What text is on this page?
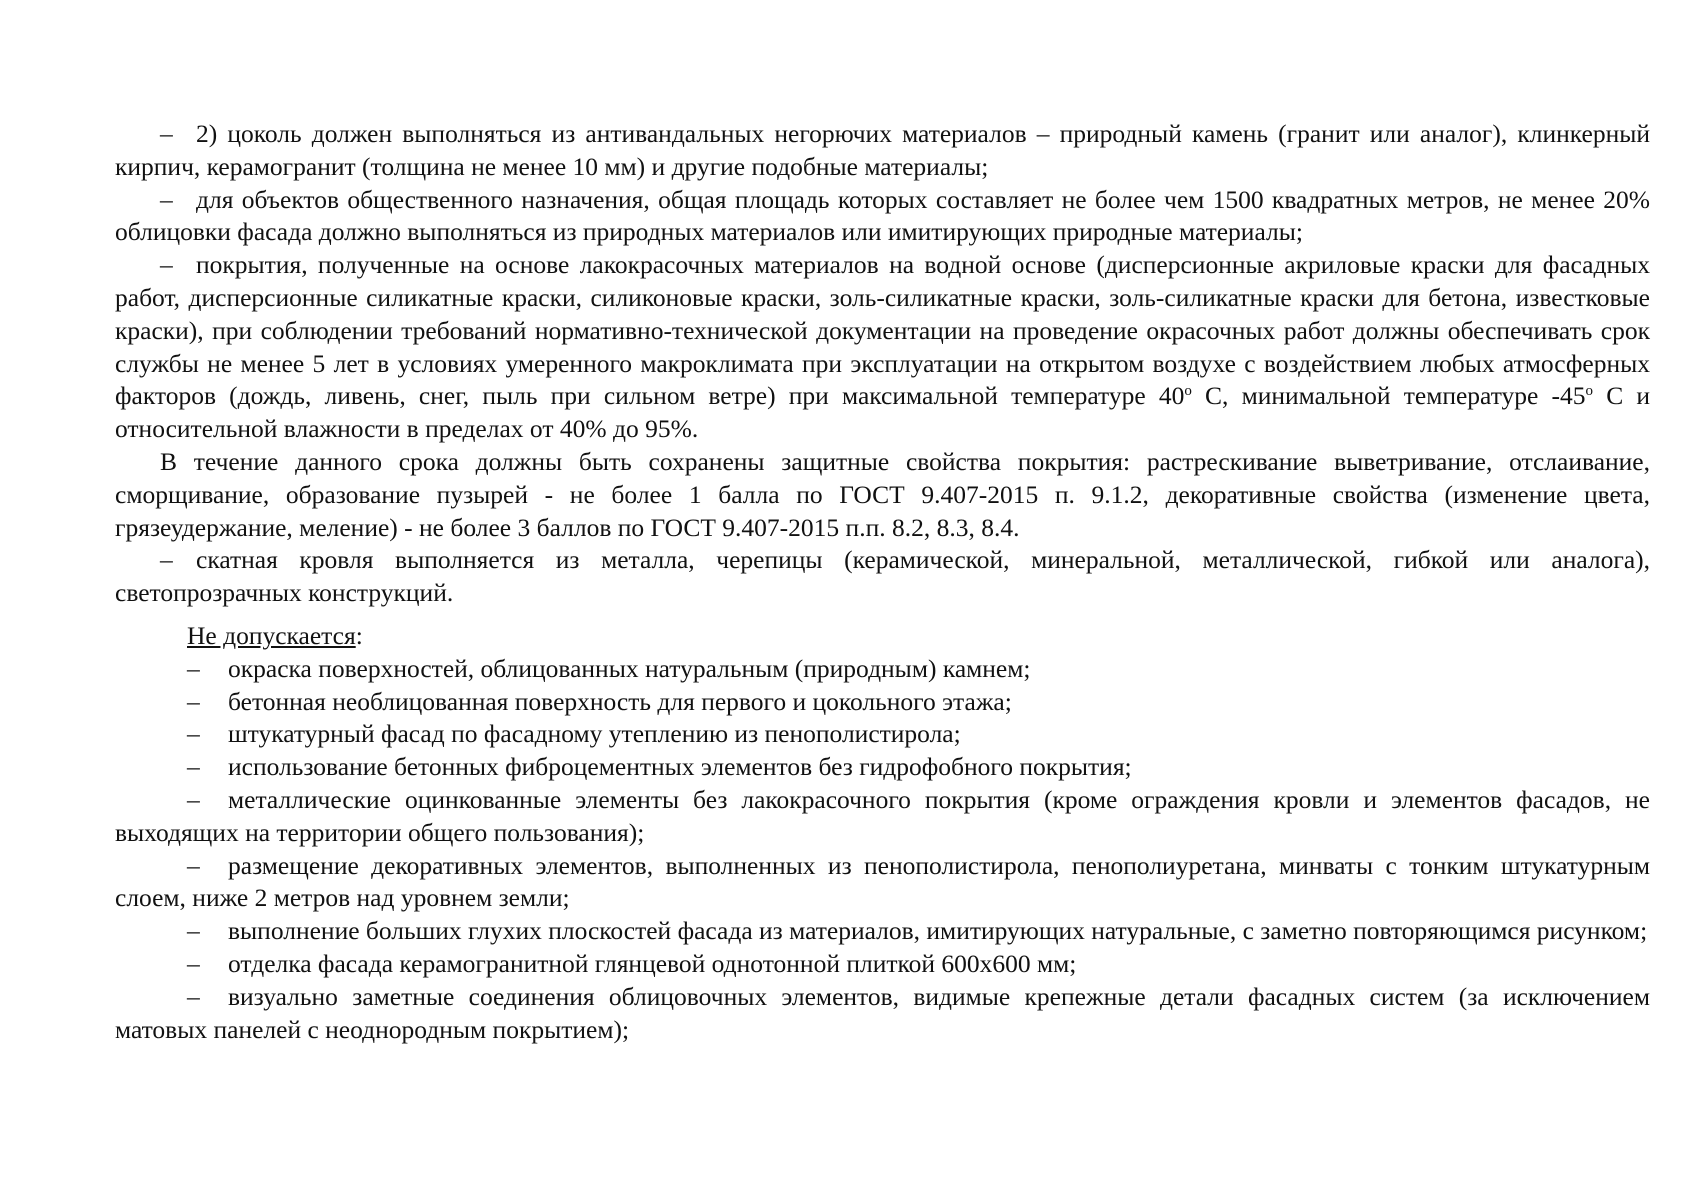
– 2) цоколь должен выполняться из антивандальных негорючих материалов – природный камень (гранит или аналог), клинкерный кирпич, керамогранит (толщина не менее 10 мм) и другие подобные материалы;

– для объектов общественного назначения, общая площадь которых составляет не более чем 1500 квадратных метров, не менее 20% облицовки фасада должно выполняться из природных материалов или имитирующих природные материалы;

– покрытия, полученные на основе лакокрасочных материалов на водной основе (дисперсионные акриловые краски для фасадных работ, дисперсионные силикатные краски, силиконовые краски, золь-силикатные краски, золь-силикатные краски для бетона, известковые краски), при соблюдении требований нормативно-технической документации на проведение окрасочных работ должны обеспечивать срок службы не менее 5 лет в условиях умеренного макроклимата при эксплуатации на открытом воздухе с воздействием любых атмосферных факторов (дождь, ливень, снег, пыль при сильном ветре) при максимальной температуре 40$^o$ С, минимальной температуре -45$^o$ С и относительной влажности в пределах от 40% до 95%.

В течение данного срока должны быть сохранены защитные свойства покрытия: растрескивание выветривание, отслаивание, сморщивание, образование пузырей - не более 1 балла по ГОСТ 9.407-2015 п. 9.1.2, декоративные свойства (изменение цвета, грязеудержание, меление) - не более 3 баллов по ГОСТ 9.407-2015 п.п. 8.2, 8.3, 8.4.

– скатная кровля выполняется из металла, черепицы (керамической, минеральной, металлической, гибкой или аналога), светопрозрачных конструкций.

Не допускается:

– окраска поверхностей, облицованных натуральным (природным) камнем;

– бетонная необлицованная поверхность для первого и цокольного этажа;

– штукатурный фасад по фасадному утеплению из пенополистирола;

– использование бетонных фиброцементных элементов без гидрофобного покрытия;

– металлические оцинкованные элементы без лакокрасочного покрытия (кроме ограждения кровли и элементов фасадов, не выходящих на территории общего пользования);

– размещение декоративных элементов, выполненных из пенополистирола, пенополиуретана, минваты с тонким штукатурным слоем, ниже 2 метров над уровнем земли;

– выполнение больших глухих плоскостей фасада из материалов, имитирующих натуральные, с заметно повторяющимся рисунком;

– отделка фасада керамогранитной глянцевой однотонной плиткой 600х600 мм;

– визуально заметные соединения облицовочных элементов, видимые крепежные детали фасадных систем (за исключением матовых панелей с неоднородным покрытием);
